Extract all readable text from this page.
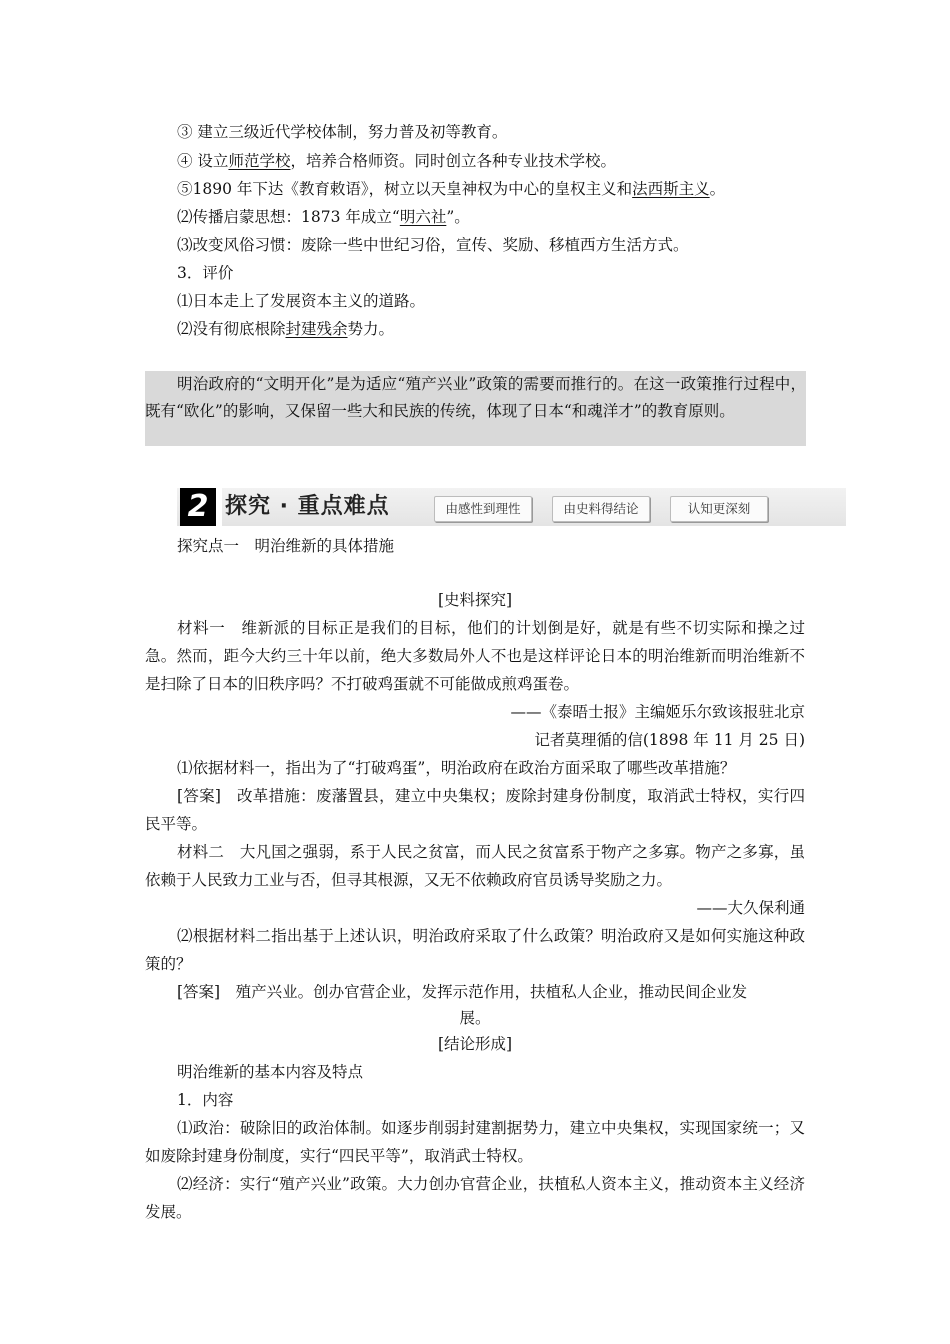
③ 建立三级近代学校体制，努力普及初等教育。
④ 设立师范学校，培养合格师资。同时创立各种专业技术学校。
⑤1890 年下达《教育敕语》，树立以天皇神权为中心的皇权主义和法西斯主义。
⑵传播启蒙思想：1873 年成立“明六社”。
⑶改变风俗习惯：废除一些中世纪习俗，宣传、奖励、移植西方生活方式。
3．评价
⑴日本走上了发展资本主义的道路。
⑵没有彻底根除封建残余势力。
明治政府的“文明开化”是为适应“殖产兴业”政策的需要而推行的。在这一政策推行过程中，既有“欧化”的影响，又保留一些大和民族的传统，体现了日本“和魂洋才”的教育原则。
2 探究 · 重点难点	由感性到理性	由史料得结论	认知更深刻
探究点一　明治维新的具体措施
[史料探究]
材料一　维新派的目标正是我们的目标，他们的计划倒是好，就是有些不切实际和操之过急。然而，距今大约三十年以前，绝大多数局外人不也是这样评论日本的明治维新而明治维新不是扫除了日本的旧秩序吗？不打破鸡蛋就不可能做成煎鸡蛋卷。
——《泰晤士报》主编姬乐尔致该报驻北京
记者莫理循的信(1898 年 11 月 25 日)
⑴依据材料一，指出为了“打破鸡蛋”，明治政府在政治方面采取了哪些改革措施？
[答案]　改革措施：废藩置县，建立中央集权；废除封建身份制度，取消武士特权，实行四民平等。
材料二　大凡国之强弱，系于人民之贫富，而人民之贫富系于物产之多寡。物产之多寡，虽依赖于人民致力工业与否，但寻其根源，又无不依赖政府官员诱导奖励之力。
——大久保利通
⑵根据材料二指出基于上述认识，明治政府采取了什么政策？明治政府又是如何实施这种政策的？
[答案]　殖产兴业。创办官营企业，发挥示范作用，扶植私人企业，推动民间企业发
展。
[结论形成]
明治维新的基本内容及特点
1．内容
⑴政治：破除旧的政治体制。如逐步削弱封建割据势力，建立中央集权，实现国家统一；又如废除封建身份制度，实行“四民平等”，取消武士特权。
⑵经济：实行“殖产兴业”政策。大力创办官营企业，扶植私人资本主义，推动资本主义经济发展。
